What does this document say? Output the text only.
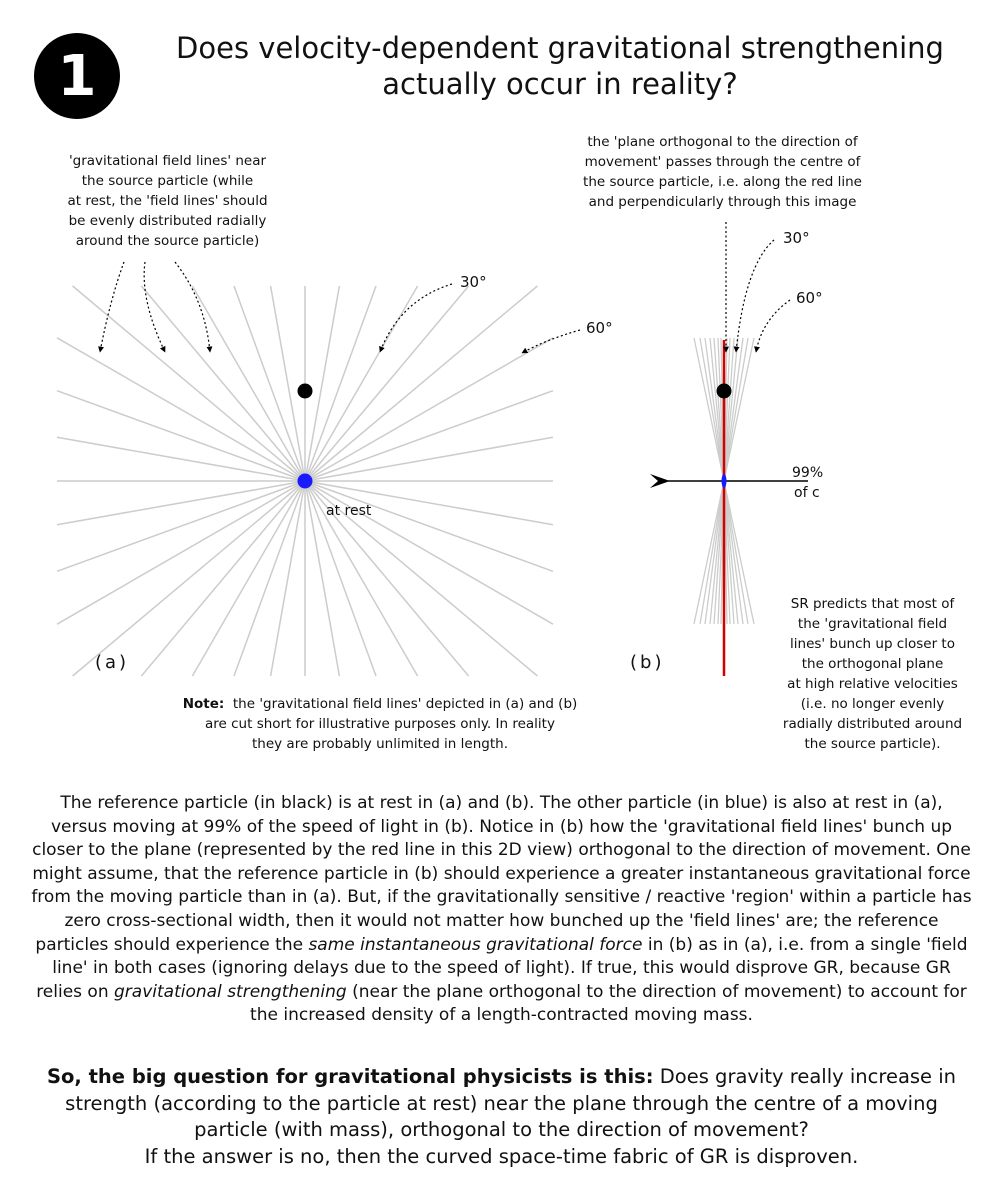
1	Does velocity-dependent gravitational strengthening
actually occur in reality?
'gravitational field lines' near
the source particle (while
at rest, the 'field lines' should
be evenly distributed radially
around the source particle)
the 'plane orthogonal to the direction of
movement' passes through the centre of
the source particle, i.e. along the red line
and perpendicularly through this image
SR predicts that most of
the 'gravitational field
lines' bunch up closer to
the orthogonal plane
at high relative velocities
(i.e. no longer evenly
radially distributed around
the source particle).
Note: the 'gravitational field lines' depicted in (a) and (b)
are cut short for illustrative purposes only. In reality
they are probably unlimited in length.
30°
60°
30°
60°
at rest
99%
of c
(a)	(b)
The reference particle (in black) is at rest in (a) and (b). The other particle (in blue) is also at rest in (a), versus moving at 99% of the speed of light in (b). Notice in (b) how the 'gravitational field lines' bunch up closer to the plane (represented by the red line in this 2D view) orthogonal to the direction of movement. One might assume, that the reference particle in (b) should experience a greater instantaneous gravitational force from the moving particle than in (a). But, if the gravitationally sensitive / reactive 'region' within a particle has zero cross-sectional width, then it would not matter how bunched up the 'field lines' are; the reference particles should experience the same instantaneous gravitational force in (b) as in (a), i.e. from a single 'field line' in both cases (ignoring delays due to the speed of light). If true, this would disprove GR, because GR relies on gravitational strengthening (near the plane orthogonal to the direction of movement) to account for the increased density of a length-contracted moving mass.
So, the big question for gravitational physicists is this: Does gravity really increase in strength (according to the particle at rest) near the plane through the centre of a moving particle (with mass), orthogonal to the direction of movement?
If the answer is no, then the curved space-time fabric of GR is disproven.
